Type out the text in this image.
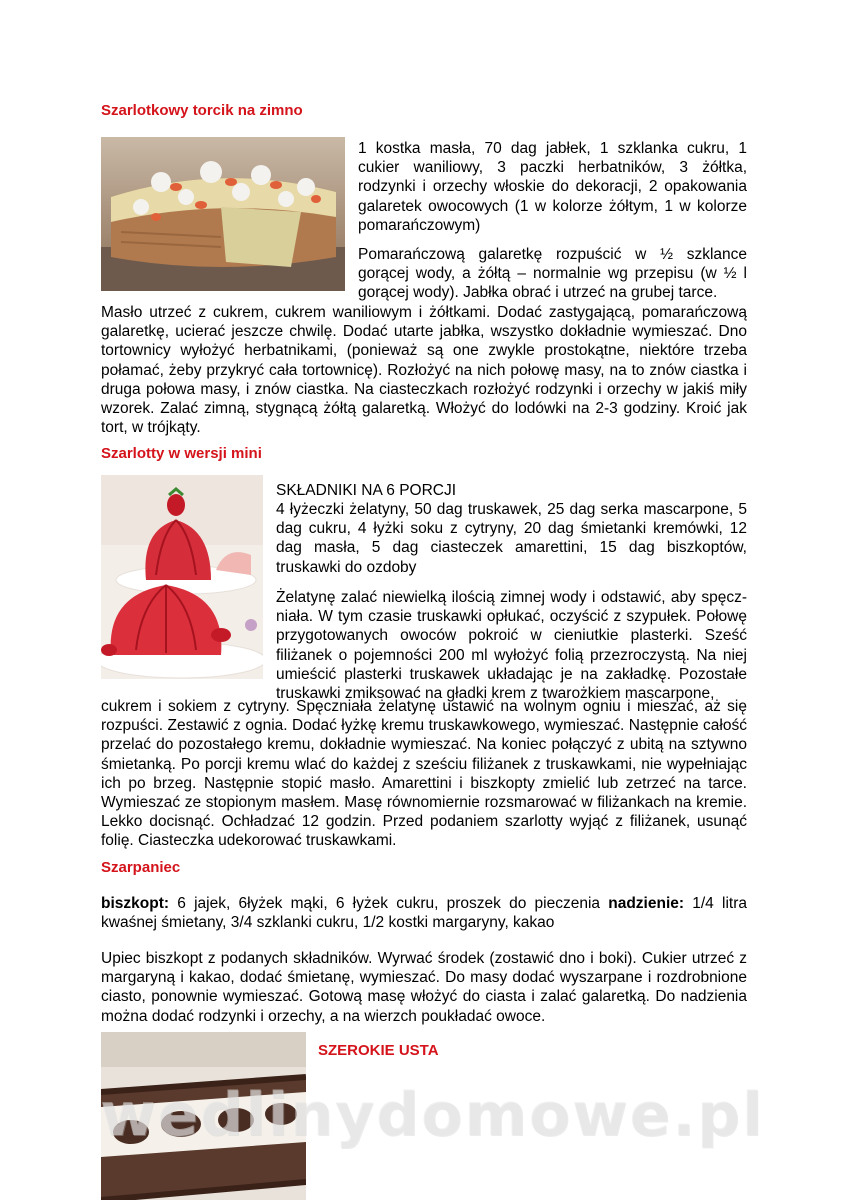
Szarlotkowy torcik na zimno
1 kostka masła, 70 dag jabłek, 1 szklanka cukru, 1 cukier waniliowy, 3 paczki herbatników, 3 żółtka, rodzynki i orzechy włoskie do dekoracji, 2 opakowania galaretek owocowych (1 w kolorze żółtym, 1 w kolorze pomarańczowym)
Pomarańczową galaretkę rozpuścić w ½ szklance gorącej wody, a żółtą – normalnie wg przepisu (w ½ l gorącej wody). Jabłka obrać i utrzeć na grubej tarce.
Masło utrzeć z cukrem, cukrem waniliowym i żółtkami. Dodać zastygającą, pomarańczową galaretkę, ucierać jeszcze chwilę. Dodać utarte jabłka, wszystko dokładnie wymieszać. Dno tortownicy wyłożyć herbatnikami, (ponieważ są one zwykle prostokątne, niektóre trzeba połamać, żeby przykryć cała tortownicę). Rozłożyć na nich połowę masy, na to znów ciastka i druga połowa masy, i znów ciastka. Na ciasteczkach rozłożyć rodzynki i orzechy w jakiś miły wzorek. Zalać zimną, stygnącą żółtą galaretką. Włożyć do lodówki na 2-3 godziny. Kroić jak tort, w trójkąty.
Szarlotty w wersji mini
SKŁADNIKI NA 6 PORCJI
4 łyżeczki żelatyny, 50 dag truskawek, 25 dag serka mascarpone, 5 dag cukru, 4 łyżki soku z cytryny, 20 dag śmietanki kremówki, 12 dag masła, 5 dag ciasteczek amarettini, 15 dag biszkoptów, truskawki do ozdoby
Żelatynę zalać niewielką ilością zimnej wody i odstawić, aby spęcz-niała. W tym czasie truskawki opłukać, oczyścić z szypułek. Połowę przygotowanych owoców pokroić w cieniutkie plasterki. Sześć filiżanek o pojemności 200 ml wyłożyć folią przezroczystą. Na niej umieścić plasterki truskawek układając je na zakładkę. Pozostałe truskawki zmiksować na gładki krem z twarożkiem mascarpone,
cukrem i sokiem z cytryny. Spęczniała żelatynę ustawić na wolnym ogniu i mieszać, aż się rozpuści. Zestawić z ognia. Dodać łyżkę kremu truskawkowego, wymieszać. Następnie całość przelać do pozostałego kremu, dokładnie wymieszać. Na koniec połączyć z ubitą na sztywno śmietanką. Po porcji kremu wlać do każdej z sześciu filiżanek z truskawkami, nie wypełniając ich po brzeg. Następnie stopić masło. Amarettini i biszkopty zmielić lub zetrzeć na tarce. Wymieszać ze stopionym masłem. Masę równomiernie rozsmarować w filiżankach na kremie. Lekko docisnąć. Ochładzać 12 godzin. Przed podaniem szarlotty wyjąć z filiżanek, usunąć folię. Ciasteczka udekorować truskawkami.
Szarpaniec
biszkopt: 6 jajek, 6łyżek mąki, 6 łyżek cukru, proszek do pieczenia nadzienie: 1/4 litra kwaśnej śmietany, 3/4 szklanki cukru, 1/2 kostki margaryny, kakao
Upiec biszkopt z podanych składników. Wyrwać środek (zostawić dno i boki). Cukier utrzeć z margaryną i kakao, dodać śmietanę, wymieszać. Do masy dodać wyszarpane i rozdrobnione ciasto, ponownie wymieszać. Gotową masę włożyć do ciasta i zalać galaretką. Do nadzienia można dodać rodzynki i orzechy, a na wierzch poukładać owoce.
SZEROKIE USTA
wedlinydomowe.pl
